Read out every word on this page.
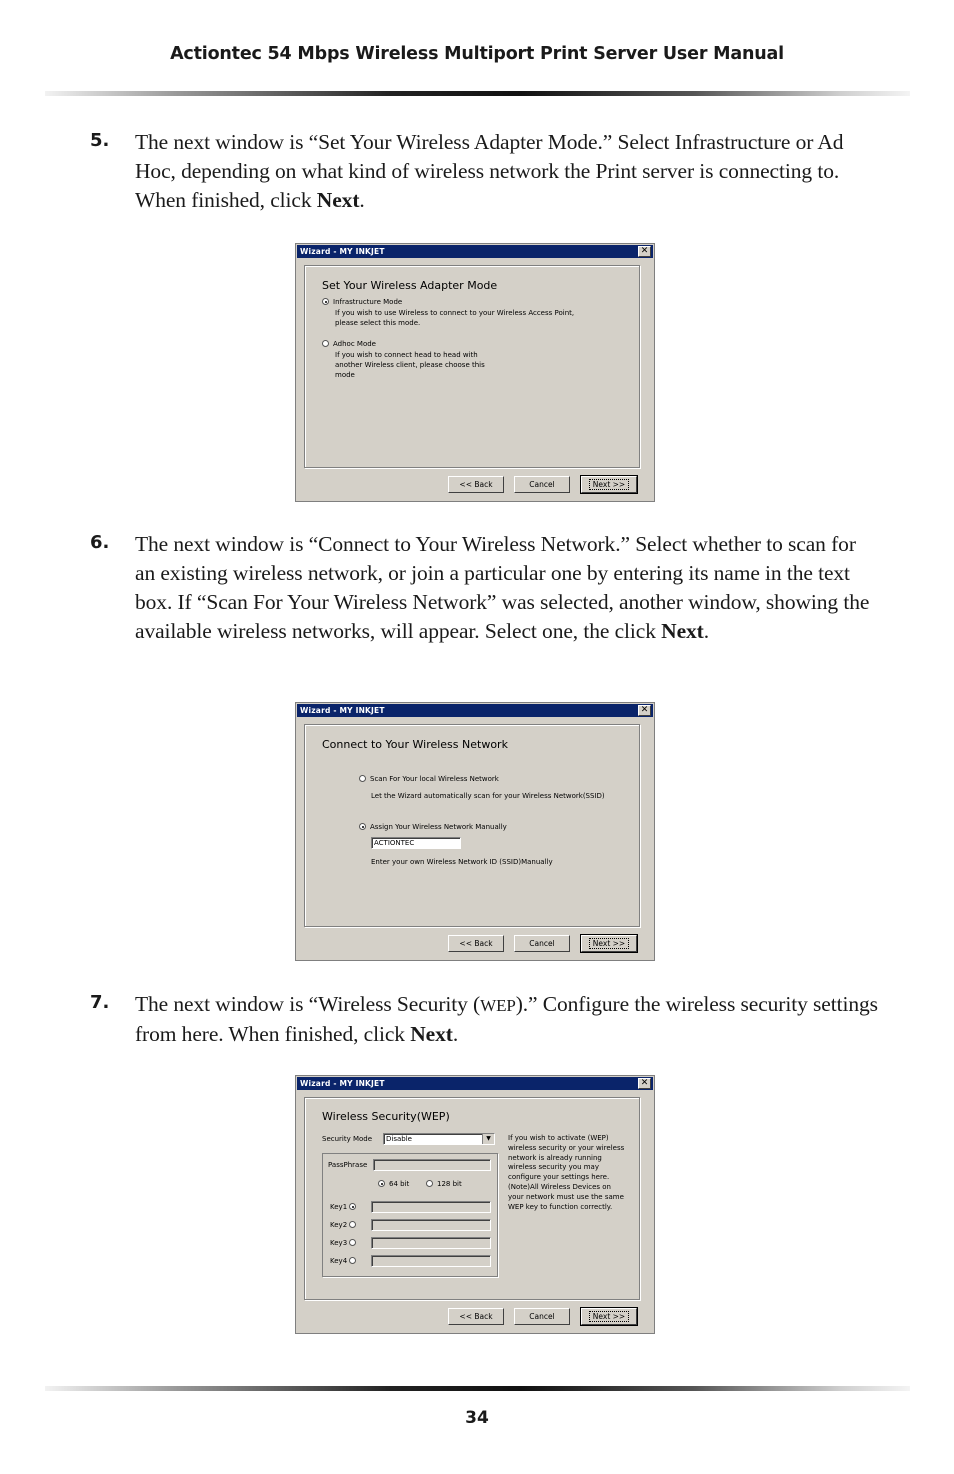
Actiontec 54 Mbps Wireless Multiport Print Server User Manual
5. The next window is “Set Your Wireless Adapter Mode.” Select Infrastructure or Ad Hoc, depending on what kind of wireless network the Print server is connecting to. When finished, click Next.
Wizard - MY INKJET	✕
Set Your Wireless Adapter Mode
Infrastructure Mode
If you wish to use Wireless to connect to your Wireless Access Point,
please select this mode.
Adhoc Mode
If you wish to connect head to head with
another Wireless client, please choose this
mode
<< Back	Cancel	Next >>
6. The next window is “Connect to Your Wireless Network.” Select whether to scan for an existing wireless network, or join a particular one by entering its name in the text box. If “Scan For Your Wireless Network” was selected, another window, showing the available wireless networks, will appear. Select one, the click Next.
Wizard - MY INKJET	✕
Connect to Your Wireless Network
Scan For Your local Wireless Network
Let the Wizard automatically scan for your Wireless Network(SSID)
Assign Your Wireless Network Manually
ACTIONTEC
Enter your own Wireless Network ID (SSID)Manually
<< Back	Cancel	Next >>
7. The next window is “Wireless Security (WEP).” Configure the wireless security settings from here. When finished, click Next.
Wizard - MY INKJET	✕
Wireless Security(WEP)
Security Mode	Disable	▼
PassPhrase
64 bit	128 bit
Key1
Key2
Key3
Key4
If you wish to activate (WEP)
wireless security or your wireless
network is already running
wireless security you may
configure your settings here.
(Note)All Wireless Devices on
your network must use the same
WEP key to function correctly.
<< Back	Cancel	Next >>
34
